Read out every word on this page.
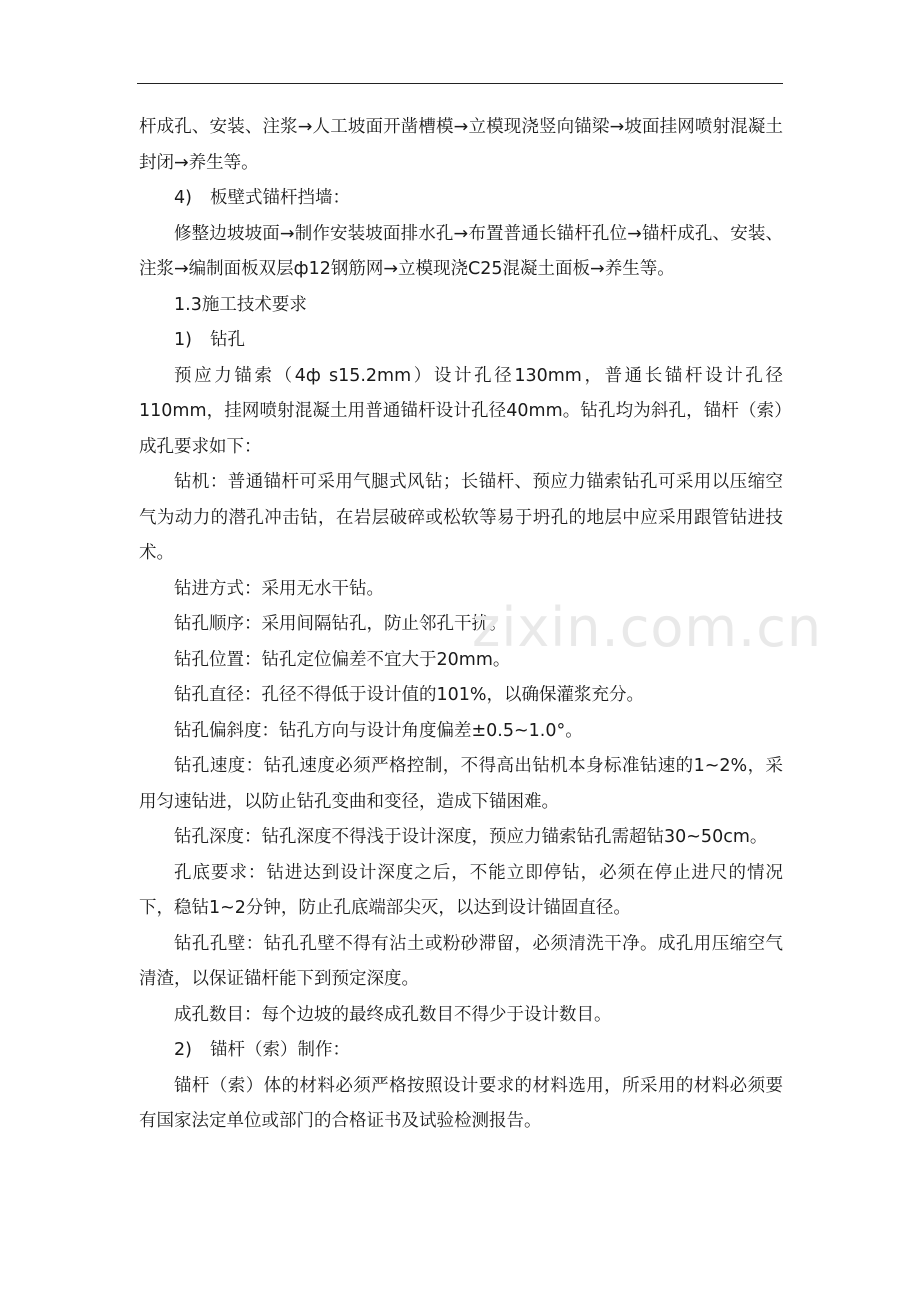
杆成孔、安装、注浆→人工坡面开凿槽模→立模现浇竖向锚梁→坡面挂网喷射混凝土封闭→养生等。

4) 板壁式锚杆挡墙：

修整边坡坡面→制作安装坡面排水孔→布置普通长锚杆孔位→锚杆成孔、安装、注浆→编制面板双层ф12钢筋网→立模现浇C25混凝土面板→养生等。

1.3施工技术要求

1) 钻孔

预应力锚索（4ф s15.2mm）设计孔径130mm，普通长锚杆设计孔径110mm，挂网喷射混凝土用普通锚杆设计孔径40mm。钻孔均为斜孔，锚杆（索）成孔要求如下：

钻机：普通锚杆可采用气腿式风钻；长锚杆、预应力锚索钻孔可采用以压缩空气为动力的潜孔冲击钻，在岩层破碎或松软等易于坍孔的地层中应采用跟管钻进技术。

钻进方式：采用无水干钻。

钻孔顺序：采用间隔钻孔，防止邻孔干扰。

钻孔位置：钻孔定位偏差不宜大于20mm。

钻孔直径：孔径不得低于设计值的101%，以确保灌浆充分。

钻孔偏斜度：钻孔方向与设计角度偏差±0.5~1.0°。

钻孔速度：钻孔速度必须严格控制，不得高出钻机本身标准钻速的1~2%，采用匀速钻进，以防止钻孔变曲和变径，造成下锚困难。

钻孔深度：钻孔深度不得浅于设计深度，预应力锚索钻孔需超钻30~50cm。

孔底要求：钻进达到设计深度之后，不能立即停钻，必须在停止进尺的情况下，稳钻1~2分钟，防止孔底端部尖灭，以达到设计锚固直径。

钻孔孔壁：钻孔孔壁不得有沾土或粉砂滞留，必须清洗干净。成孔用压缩空气清渣，以保证锚杆能下到预定深度。

成孔数目：每个边坡的最终成孔数目不得少于设计数目。

2) 锚杆（索）制作：

锚杆（索）体的材料必须严格按照设计要求的材料选用，所采用的材料必须要有国家法定单位或部门的合格证书及试验检测报告。

zixin.com.cn
